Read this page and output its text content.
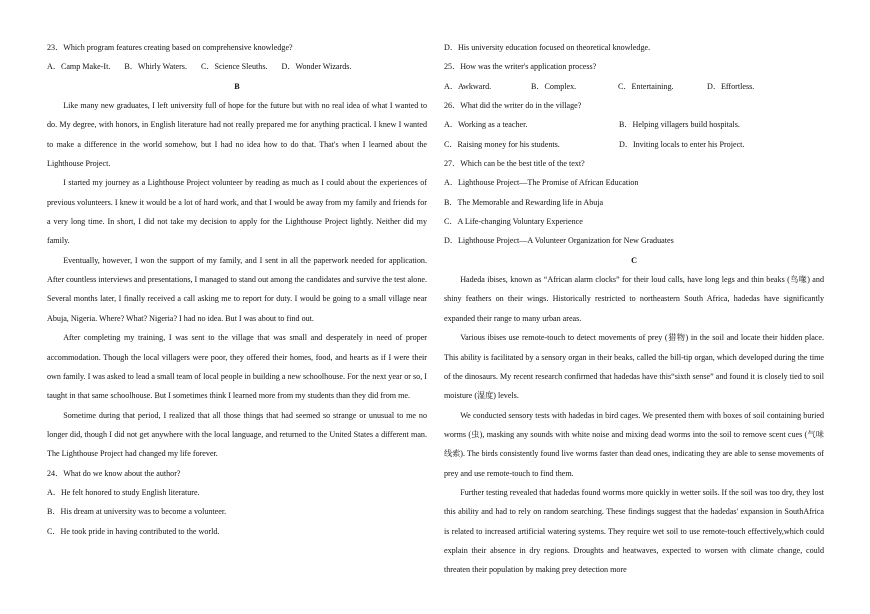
23．Which program features creating based on comprehensive knowledge?
A．Camp Make-It. B．Whirly Waters. C．Science Sleuths. D．Wonder Wizards.
B
Like many new graduates, I left university full of hope for the future but with no real idea of what I wanted to do. My degree, with honors, in English literature had not really prepared me for anything practical. I knew I wanted to make a difference in the world somehow, but I had no idea how to do that. That's when I learned about the Lighthouse Project.
I started my journey as a Lighthouse Project volunteer by reading as much as I could about the experiences of previous volunteers. I knew it would be a lot of hard work, and that I would be away from my family and friends for a very long time. In short, I did not take my decision to apply for the Lighthouse Project lightly. Neither did my family.
Eventually, however, I won the support of my family, and I sent in all the paperwork needed for application. After countless interviews and presentations, I managed to stand out among the candidates and survive the test alone. Several months later, I finally received a call asking me to report for duty. I would be going to a small village near Abuja, Nigeria. Where? What? Nigeria? I had no idea. But I was about to find out.
After completing my training, I was sent to the village that was small and desperately in need of proper accommodation. Though the local villagers were poor, they offered their homes, food, and hearts as if I were their own family. I was asked to lead a small team of local people in building a new schoolhouse. For the next year or so, I taught in that same schoolhouse. But I sometimes think I learned more from my students than they did from me.
Sometime during that period, I realized that all those things that had seemed so strange or unusual to me no longer did, though I did not get anywhere with the local language, and returned to the United States a different man. The Lighthouse Project had changed my life forever.
24．What do we know about the author?
A．He felt honored to study English literature.
B．His dream at university was to become a volunteer.
C．He took pride in having contributed to the world.
D．His university education focused on theoretical knowledge.
25．How was the writer's application process?
A．Awkward.	B．Complex.	C．Entertaining.	D．Effortless.
26．What did the writer do in the village?
A．Working as a teacher.	B．Helping villagers build hospitals.
C．Raising money for his students.	D．Inviting locals to enter his Project.
27．Which can be the best title of the text?
A．Lighthouse Project—The Promise of African Education
B．The Memorable and Rewarding life in Abuja
C．A Life-changing Voluntary Experience
D．Lighthouse Project—A Volunteer Organization for New Graduates
C
Hadeda ibises, known as “African alarm clocks” for their loud calls, have long legs and thin beaks (鸟喙) and shiny feathers on their wings. Historically restricted to northeastern South Africa, hadedas have significantly expanded their range to many urban areas.
Various ibises use remote-touch to detect movements of prey (猎物) in the soil and locate their hidden place. This ability is facilitated by a sensory organ in their beaks, called the bill-tip organ, which developed during the time of the dinosaurs. My recent research confirmed that hadedas have this“sixth sense” and found it is closely tied to soil moisture (湿度) levels.
We conducted sensory tests with hadedas in bird cages. We presented them with boxes of soil containing buried worms (虫), masking any sounds with white noise and mixing dead worms into the soil to remove scent cues (气味线索). The birds consistently found live worms faster than dead ones, indicating they are able to sense movements of prey and use remote-touch to find them.
Further testing revealed that hadedas found worms more quickly in wetter soils. If the soil was too dry, they lost this ability and had to rely on random searching. These findings suggest that the hadedas' expansion in SouthAfrica is related to increased artificial watering systems. They require wet soil to use remote-touch effectively,which could explain their absence in dry regions. Droughts and heatwaves, expected to worsen with climate change, could threaten their population by making prey detection more
